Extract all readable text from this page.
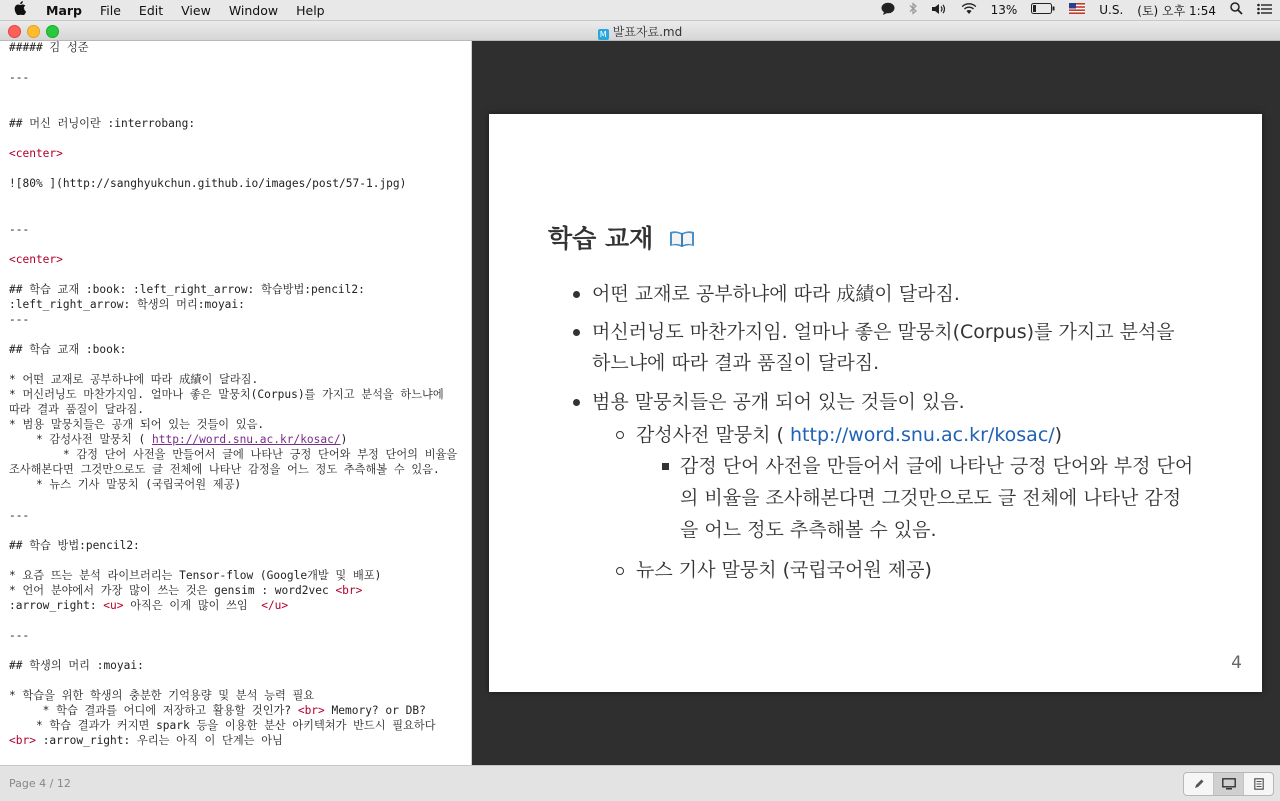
Marp File Edit View Window Help	13%	U.S. (토) 오후 1:54
M 발표자료.md
##### 김 성준
---
## 머신 러닝이란 :interrobang:
<center>
![80% ](http://sanghyukchun.github.io/images/post/57-1.jpg)
---
<center>
## 학습 교재 :book: :left_right_arrow: 학습방법:pencil2:
:left_right_arrow: 학생의 머리:moyai:
---
## 학습 교재 :book:
* 어떤 교재로 공부하냐에 따라 成績이 달라짐.
* 머신러닝도 마찬가지임. 얼마나 좋은 말뭉치(Corpus)를 가지고 분석을 하느냐에
따라 결과 품질이 달라짐.
* 범용 말뭉치들은 공개 되어 있는 것들이 있음.
* 감성사전 말뭉치 ( http://word.snu.ac.kr/kosac/)
* 감정 단어 사전을 만들어서 글에 나타난 긍정 단어와 부정 단어의 비율을
조사해본다면 그것만으로도 글 전체에 나타난 감정을 어느 정도 추측해볼 수 있음.
* 뉴스 기사 말뭉치 (국립국어원 제공)
---
## 학습 방법:pencil2:
* 요즘 뜨는 분석 라이브러리는 Tensor-flow (Google개발 및 배포)
* 언어 분야에서 가장 많이 쓰는 것은 gensim : word2vec <br>
:arrow_right: <u> 아직은 이게 많이 쓰임  </u>
---
## 학생의 머리 :moyai:
* 학습을 위한 학생의 충분한 기억용량 및 분석 능력 필요
* 학습 결과를 어디에 저장하고 활용할 것인가? <br> Memory? or DB?
* 학습 결과가 커지면 spark 등을 이용한 분산 아키텍쳐가 반드시 필요하다
<br> :arrow_right: 우리는 아직 이 단계는 아님
학습 교재
어떤 교재로 공부하냐에 따라 成績이 달라짐.
머신러닝도 마찬가지임. 얼마나 좋은 말뭉치(Corpus)를 가지고 분석을
하느냐에 따라 결과 품질이 달라짐.
범용 말뭉치들은 공개 되어 있는 것들이 있음.
감성사전 말뭉치 ( http://word.snu.ac.kr/kosac/)
감정 단어 사전을 만들어서 글에 나타난 긍정 단어와 부정 단어
의 비율을 조사해본다면 그것만으로도 글 전체에 나타난 감정
을 어느 정도 추측해볼 수 있음.
뉴스 기사 말뭉치 (국립국어원 제공)
4
Page 4 / 12
